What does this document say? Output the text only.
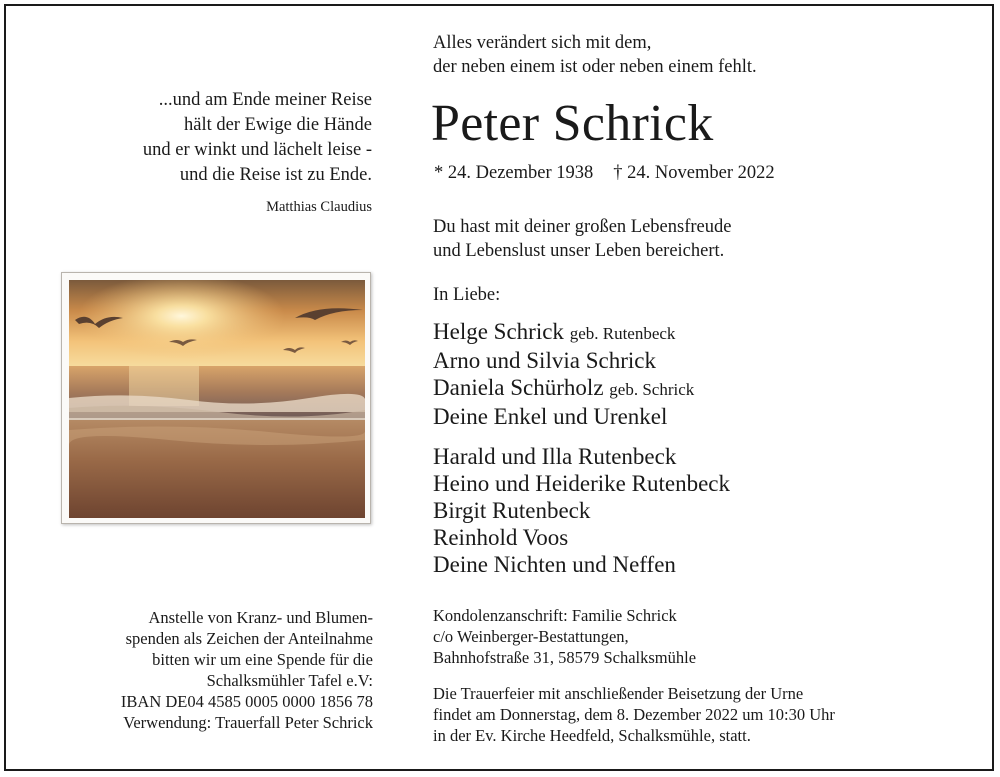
...und am Ende meiner Reise
hält der Ewige die Hände
und er winkt und lächelt leise -
und die Reise ist zu Ende.
Matthias Claudius
Anstelle von Kranz- und Blumen-
spenden als Zeichen der Anteilnahme
bitten wir um eine Spende für die
Schalksmühler Tafel e.V:
IBAN DE04 4585 0005 0000 1856 78
Verwendung: Trauerfall Peter Schrick
Alles verändert sich mit dem,
der neben einem ist oder neben einem fehlt.
Peter Schrick
* 24. Dezember 1938 † 24. November 2022
Du hast mit deiner großen Lebensfreude
und Lebenslust unser Leben bereichert.
In Liebe:
Helge Schrick geb. Rutenbeck
Arno und Silvia Schrick
Daniela Schürholz geb. Schrick
Deine Enkel und Urenkel
Harald und Illa Rutenbeck
Heino und Heiderike Rutenbeck
Birgit Rutenbeck
Reinhold Voos
Deine Nichten und Neffen
Kondolenzanschrift: Familie Schrick
c/o Weinberger-Bestattungen,
Bahnhofstraße 31, 58579 Schalksmühle
Die Trauerfeier mit anschließender Beisetzung der Urne
findet am Donnerstag, dem 8. Dezember 2022 um 10:30 Uhr
in der Ev. Kirche Heedfeld, Schalksmühle, statt.
